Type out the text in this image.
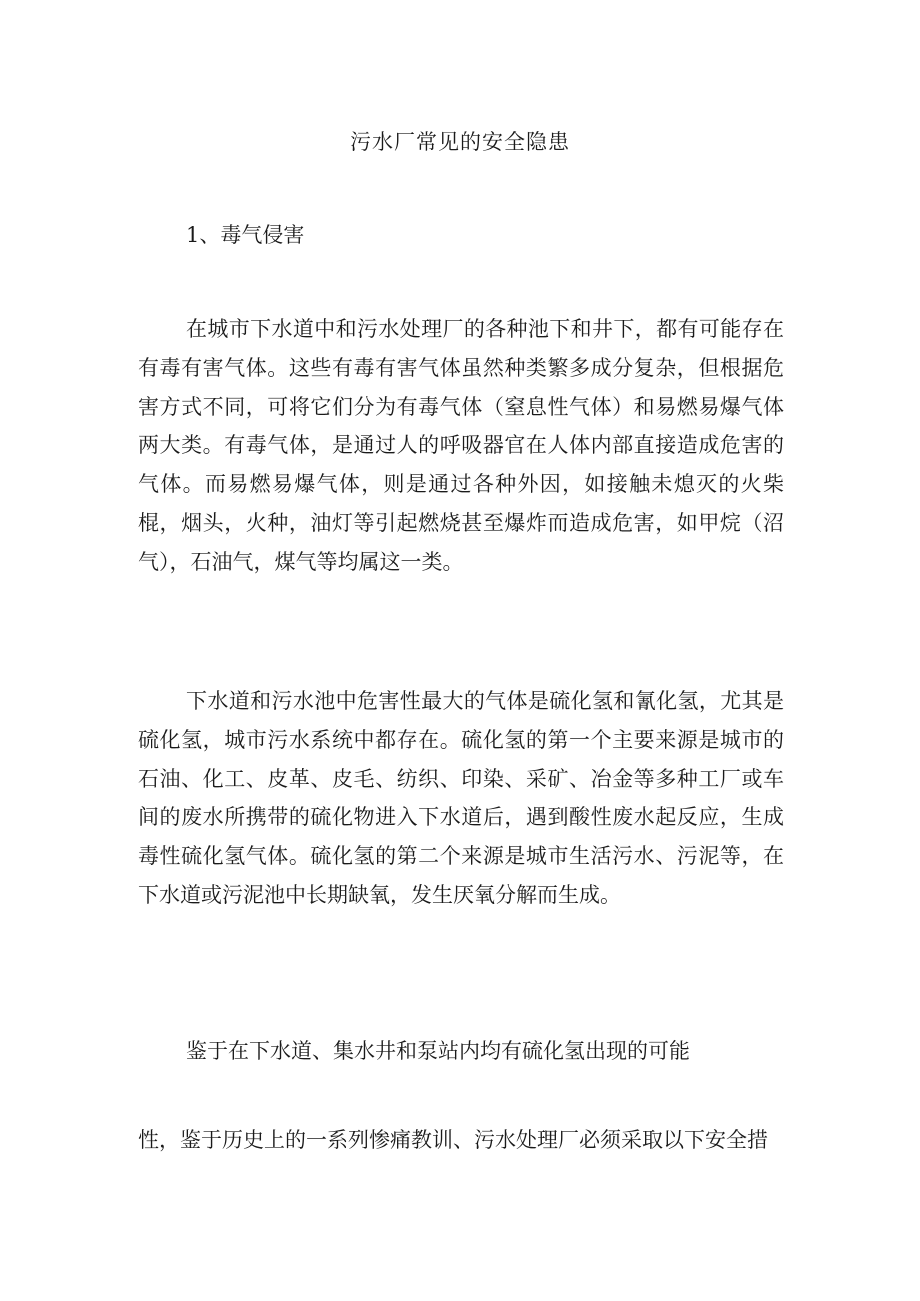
污水厂常见的安全隐患
1、毒气侵害

在城市下水道中和污水处理厂的各种池下和井下，都有可能存在有毒有害气体。这些有毒有害气体虽然种类繁多成分复杂，但根据危害方式不同，可将它们分为有毒气体（窒息性气体）和易燃易爆气体两大类。有毒气体，是通过人的呼吸器官在人体内部直接造成危害的气体。而易燃易爆气体，则是通过各种外因，如接触未熄灭的火柴棍，烟头，火种，油灯等引起燃烧甚至爆炸而造成危害，如甲烷（沼气），石油气，煤气等均属这一类。

下水道和污水池中危害性最大的气体是硫化氢和氰化氢，尤其是硫化氢，城市污水系统中都存在。硫化氢的第一个主要来源是城市的石油、化工、皮革、皮毛、纺织、印染、采矿、冶金等多种工厂或车间的废水所携带的硫化物进入下水道后，遇到酸性废水起反应，生成毒性硫化氢气体。硫化氢的第二个来源是城市生活污水、污泥等，在下水道或污泥池中长期缺氧，发生厌氧分解而生成。

鉴于在下水道、集水井和泵站内均有硫化氢出现的可能

性，鉴于历史上的一系列惨痛教训、污水处理厂必须采取以下安全措
